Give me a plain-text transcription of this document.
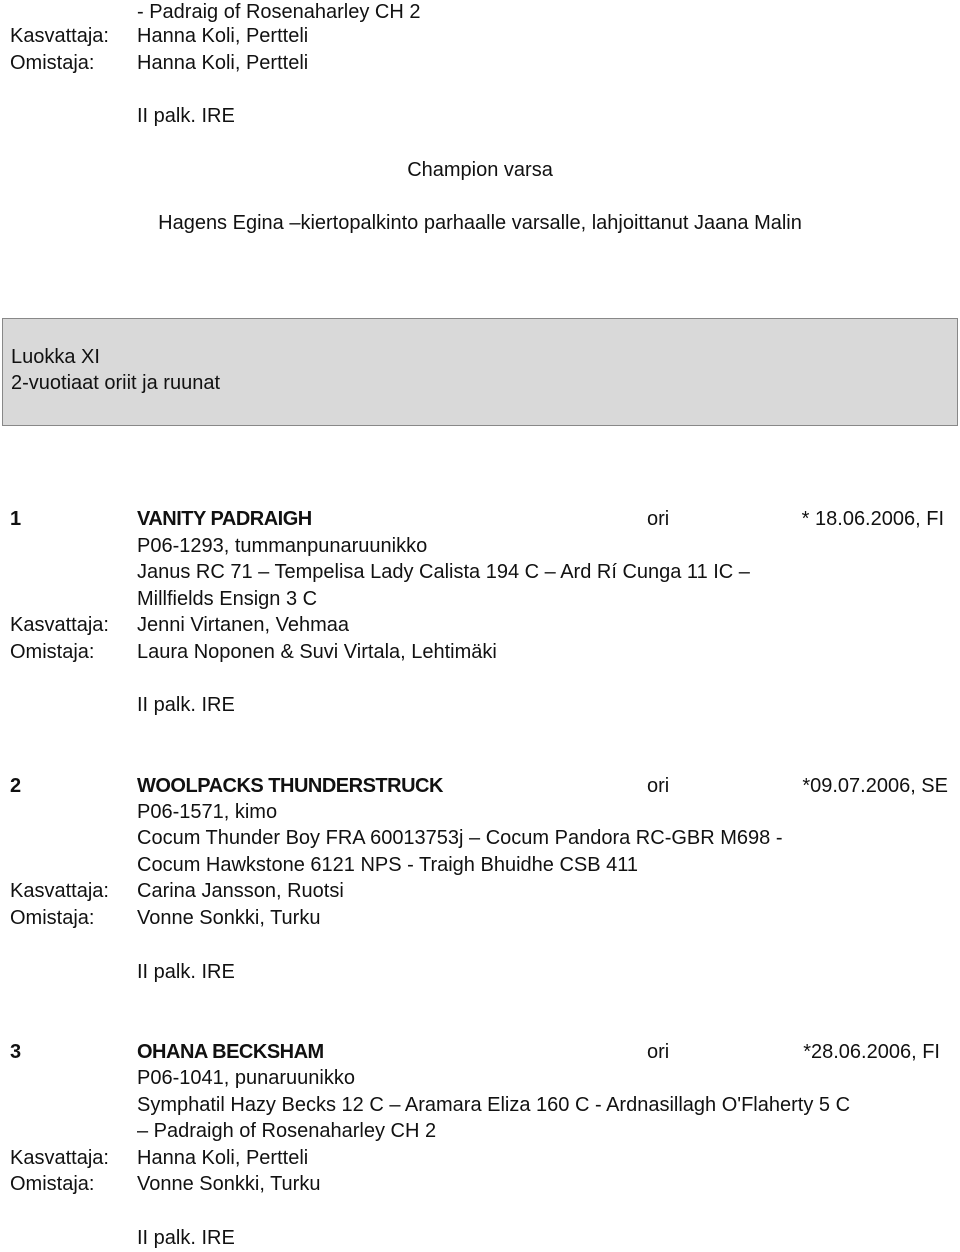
- Padraig of Rosenaharley CH 2
Kasvattaja: Hanna Koli, Pertteli
Omistaja: Hanna Koli, Pertteli
II palk. IRE
Champion varsa
Hagens Egina –kiertopalkinto parhaalle varsalle, lahjoittanut Jaana Malin
Luokka XI
2-vuotiaat oriit ja ruunat
1	VANITY PADRAIGH	ori	* 18.06.2006, FI
P06-1293, tummanpunaruunikko
Janus RC 71 – Tempelisa Lady Calista 194 C – Ard Rí Cunga 11 IC –
Millfields Ensign 3 C
Kasvattaja: Jenni Virtanen, Vehmaa
Omistaja: Laura Noponen & Suvi Virtala, Lehtimäki
II palk. IRE
2	WOOLPACKS THUNDERSTRUCK	ori	*09.07.2006, SE
P06-1571, kimo
Cocum Thunder Boy FRA 60013753j – Cocum Pandora RC-GBR M698 -
Cocum Hawkstone 6121 NPS - Traigh Bhuidhe CSB 411
Kasvattaja: Carina Jansson, Ruotsi
Omistaja: Vonne Sonkki, Turku
II palk. IRE
3	OHANA BECKSHAM	ori	*28.06.2006, FI
P06-1041, punaruunikko
Symphatil Hazy Becks 12 C – Aramara Eliza 160 C - Ardnasillagh O'Flaherty 5 C
– Padraigh of Rosenaharley CH 2
Kasvattaja: Hanna Koli, Pertteli
Omistaja: Vonne Sonkki, Turku
II palk. IRE
